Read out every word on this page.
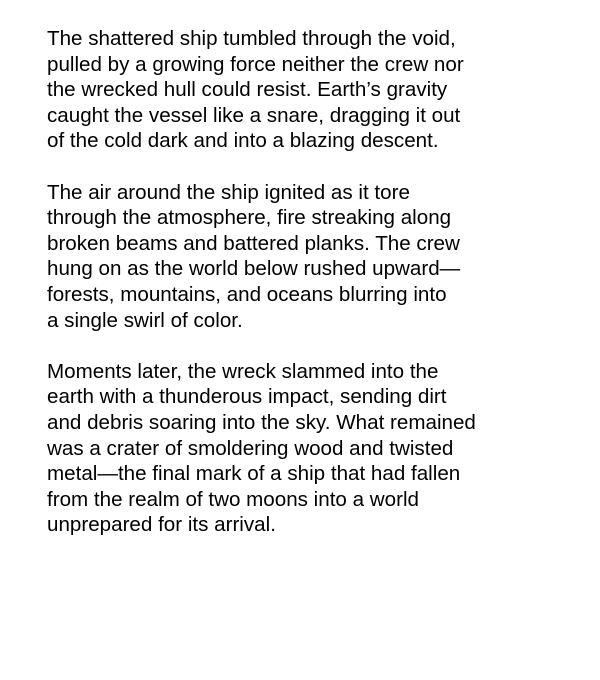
The shattered ship tumbled through the void,
pulled by a growing force neither the crew nor
the wrecked hull could resist. Earth’s gravity
caught the vessel like a snare, dragging it out
of the cold dark and into a blazing descent.

The air around the ship ignited as it tore
through the atmosphere, fire streaking along
broken beams and battered planks. The crew
hung on as the world below rushed upward—
forests, mountains, and oceans blurring into
a single swirl of color.

Moments later, the wreck slammed into the
earth with a thunderous impact, sending dirt
and debris soaring into the sky. What remained
was a crater of smoldering wood and twisted
metal—the final mark of a ship that had fallen
from the realm of two moons into a world
unprepared for its arrival.
